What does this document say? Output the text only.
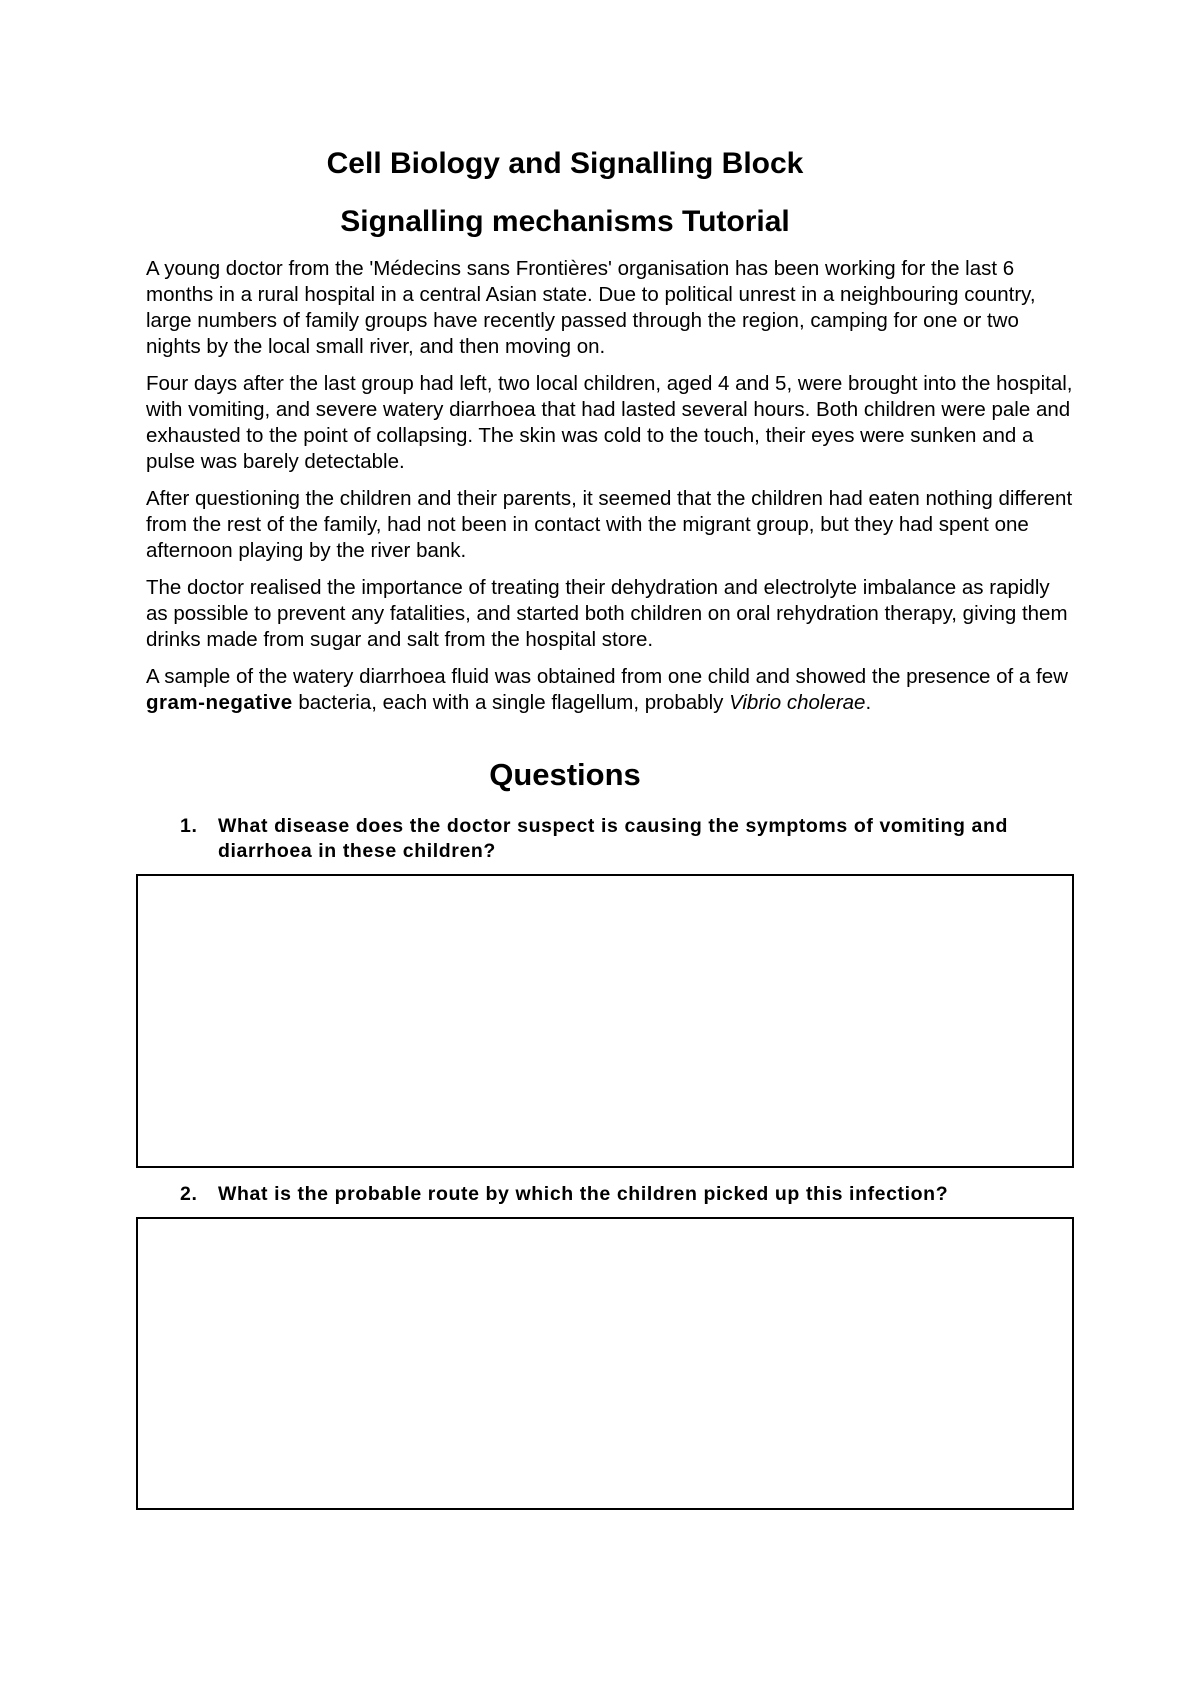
Cell Biology and Signalling Block
Signalling mechanisms Tutorial

A young doctor from the 'Médecins sans Frontières' organisation has been working for the last 6 months in a rural hospital in a central Asian state. Due to political unrest in a neighbouring country, large numbers of family groups have recently passed through the region, camping for one or two nights by the local small river, and then moving on.

Four days after the last group had left, two local children, aged 4 and 5, were brought into the hospital, with vomiting, and severe watery diarrhoea that had lasted several hours. Both children were pale and exhausted to the point of collapsing. The skin was cold to the touch, their eyes were sunken and a pulse was barely detectable.

After questioning the children and their parents, it seemed that the children had eaten nothing different from the rest of the family, had not been in contact with the migrant group, but they had spent one afternoon playing by the river bank.

The doctor realised the importance of treating their dehydration and electrolyte imbalance as rapidly as possible to prevent any fatalities, and started both children on oral rehydration therapy, giving them drinks made from sugar and salt from the hospital store.

A sample of the watery diarrhoea fluid was obtained from one child and showed the presence of a few gram-negative bacteria, each with a single flagellum, probably Vibrio cholerae.

Questions
1.	What disease does the doctor suspect is causing the symptoms of vomiting and diarrhoea in these children?
2.	What is the probable route by which the children picked up this infection?
